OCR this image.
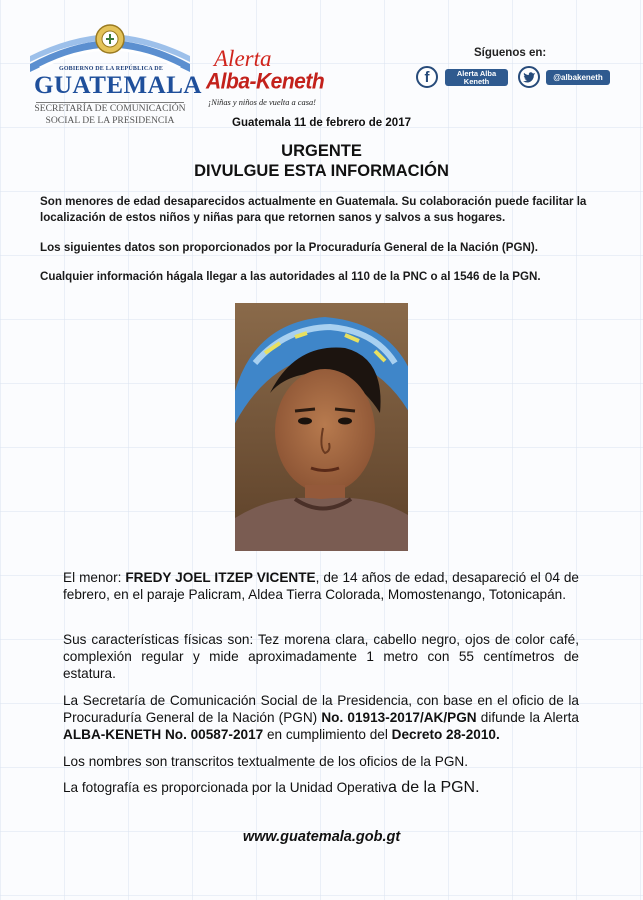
GOBIERNO DE LA REPÚBLICA DE
GUATEMALA
SECRETARÍA DE COMUNICACIÓN
SOCIAL DE LA PRESIDENCIA
Alerta
Alba-Keneth
¡Niñas y niños de vuelta a casa!
Síguenos en:
f	Alerta Alba
Keneth	@albakeneth
Guatemala 11 de febrero de 2017
URGENTE
DIVULGUE ESTA INFORMACIÓN
Son menores de edad desaparecidos actualmente en Guatemala. Su colaboración puede facilitar la localización de estos niños y niñas para que retornen sanos y salvos a sus hogares.
Los siguientes datos son proporcionados por la Procuraduría General de la Nación (PGN).
Cualquier información hágala llegar a las autoridades al 110 de la PNC o al 1546 de la PGN.
El menor: FREDY JOEL ITZEP VICENTE, de 14 años de edad, desapareció el 04 de febrero, en el paraje Palicram, Aldea Tierra Colorada, Momostenango, Totonicapán.
Sus características físicas son: Tez morena clara, cabello negro, ojos de color café, complexión regular y mide aproximadamente 1 metro con 55 centímetros de estatura.
La Secretaría de Comunicación Social de la Presidencia, con base en el oficio de la Procuraduría General de la Nación (PGN) No. 01913-2017/AK/PGN difunde la Alerta ALBA-KENETH No. 00587-2017 en cumplimiento del Decreto 28-2010.
Los nombres son transcritos textualmente de los oficios de la PGN.
La fotografía es proporcionada por la Unidad Operativa de la PGN.
www.guatemala.gob.gt
